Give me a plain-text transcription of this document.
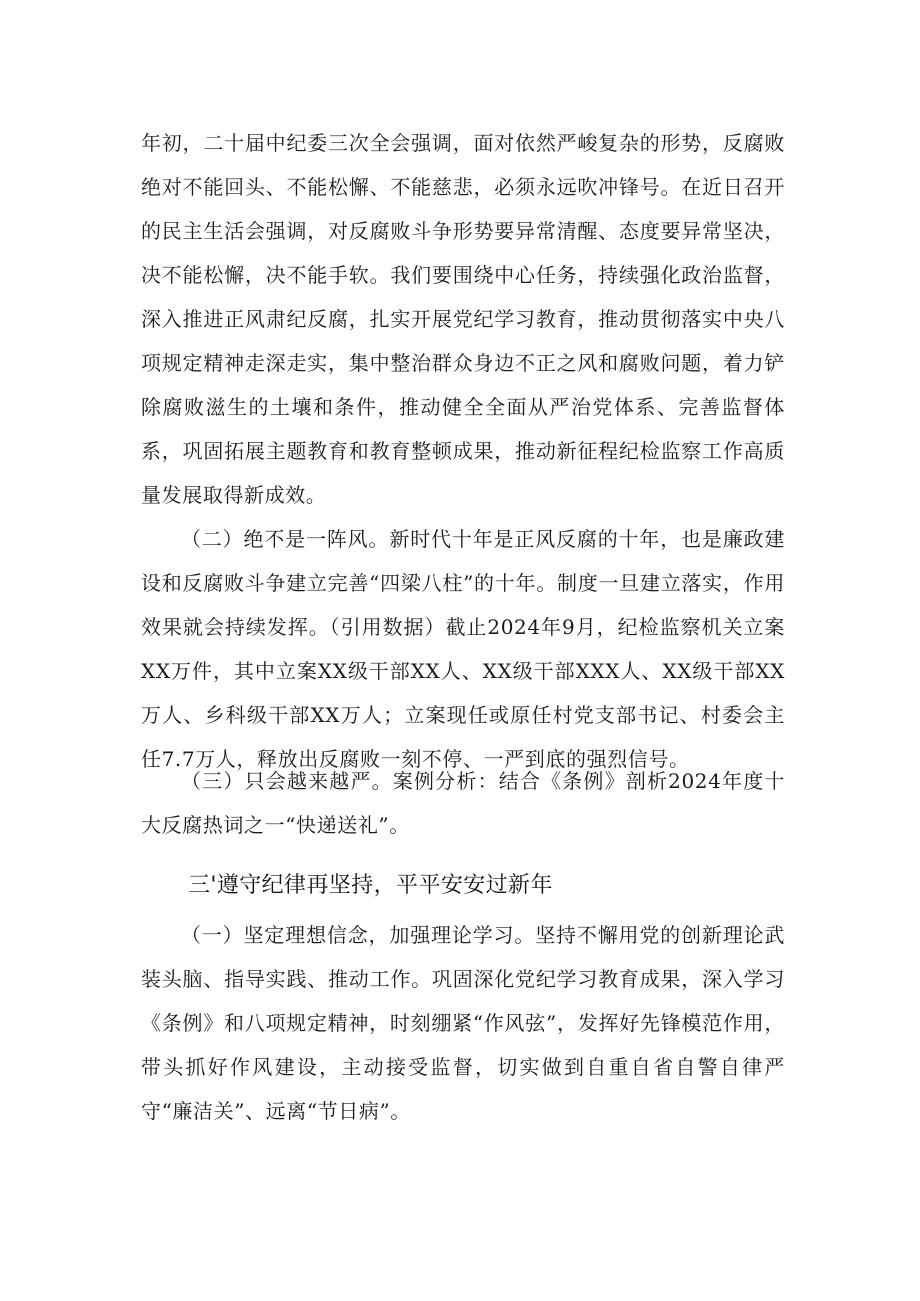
年初，二十届中纪委三次全会强调，面对依然严峻复杂的形势，反腐败绝对不能回头、不能松懈、不能慈悲，必须永远吹冲锋号。在近日召开的民主生活会强调，对反腐败斗争形势要异常清醒、态度要异常坚决，决不能松懈，决不能手软。我们要围绕中心任务，持续强化政治监督，深入推进正风肃纪反腐，扎实开展党纪学习教育，推动贯彻落实中央八项规定精神走深走实，集中整治群众身边不正之风和腐败问题，着力铲除腐败滋生的土壤和条件，推动健全全面从严治党体系、完善监督体系，巩固拓展主题教育和教育整顿成果，推动新征程纪检监察工作高质量发展取得新成效。

（二）绝不是一阵风。新时代十年是正风反腐的十年，也是廉政建设和反腐败斗争建立完善“四梁八柱”的十年。制度一旦建立落实，作用效果就会持续发挥。（引用数据）截止2024年9月，纪检监察机关立案XX万件，其中立案XX级干部XX人、XX级干部XXX人、XX级干部XX万人、乡科级干部XX万人；立案现任或原任村党支部书记、村委会主任7.7万人，释放出反腐败一刻不停、一严到底的强烈信号。

（三）只会越来越严。案例分析：结合《条例》剖析2024年度十大反腐热词之一“快递送礼”。

三'遵守纪律再坚持，平平安安过新年

（一）坚定理想信念，加强理论学习。坚持不懈用党的创新理论武装头脑、指导实践、推动工作。巩固深化党纪学习教育成果，深入学习《条例》和八项规定精神，时刻绷紧“作风弦”，发挥好先锋模范作用，带头抓好作风建设，主动接受监督，切实做到自重自省自警自律严守“廉洁关”、远离“节日病”。
